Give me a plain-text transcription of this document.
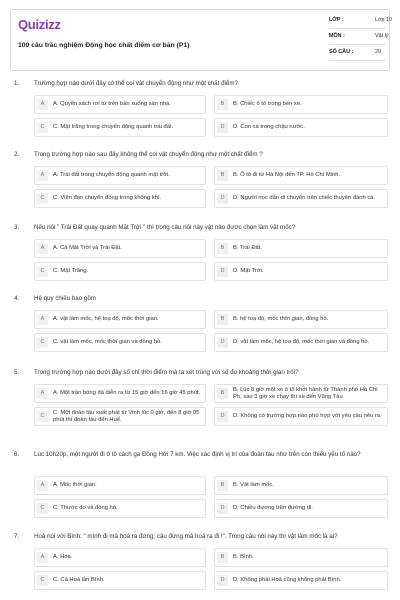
Quizizz
100 câu trắc nghiệm Động học chất điểm cơ bản (P1)
LỚP :	Lớp 10
MÔN :	Vật lý
SỐ CÂU :	20
1. Trường hợp nào dưới đây có thể coi vật chuyển động như một chất điểm?
A	A. Quyển sách rơi từ trên bàn xuống sàn nhà.	B	B. Chiếc ô tô trong bến xe.
C	C. Mặt trăng trong chuyển động quanh trái đất.	D	D. Con cá trong chậu nước.
2. Trong trường hợp nào sau đây không thể coi vật chuyển động như một chất điểm ?
A	A. Trái đất trong chuyển động quanh mặt trời.	B	B. Ô tô đi từ Hà Nội đến TP. Hồ Chí Minh.
C	C. Viên đạn chuyển động trong không khí.	D	D. Người nọc dân di chuyển trên chiếc thuyền đánh cá.
3. Nếu nói " Trái Đất quay quanh Mặt Trời " thì trong câu nói này vật nào được chọn làm vật mốc?
A	A. Cả Mặt Trời và Trái Đất.	B	B. Trái Đất.
C	C. Mặt Trăng.	D	D. Mặt Trời.
4. Hệ quy chiếu bao gồm
A	A. vật làm mốc, hệ toạ độ, mốc thời gian.	B	B. hệ toạ độ, mốc thời gian, đồng hồ.
C	C. vật làm mốc, mốc thời gian và đồng hồ.	D	D. vật làm mốc, hệ toạ độ, mốc thời gian và đồng hồ.
5. Trong trường hợp nào dưới đây số chỉ thời điểm mà ta xét trùng với số đo khoảng thời gian trôi?
A	A. Một trận bóng đá diễn ra từ 15 giờ đến 16 giờ 45 phút.	B
B. Lúc 8 giờ một xe ô tô khởi hành từ Thành phố Hồ Chí Ph, sau 3 giờ xe chạy thì xe đến Vũng Tàu
C
C. Một đoàn tàu xuất phát từ Vinh lúc 0 giờ, đến 8 giờ 05 phút thì đoàn tàu đến Huế.
D	D. Không có trường hợp nào phù hợp với yêu cầu nêu ra.
6. Lúc 10h20p, một người đi ô tô cách ga Đồng Hới 7 km. Việc xác định vị trí của đoàn tàu như trên còn thiếu yếu tố nào?
A	A. Mốc thời gian.	B	B. Vật làm mốc.
C	C. Thước đo và đồng hồ.	D	D. Chiều dương trên đường đi.
7. Hoà nói với Bình: " mình đi mà hoá ra đứng; cậu đứng mà hoá ra đi !". Trong câu nói này thì vật làm mốc là ai?
A	A. Hòa.	B	B. Bình.
C	C. Cả Hoà lẫn Bình.	D	D. Không phải Hoà cũng không phải Bình.
